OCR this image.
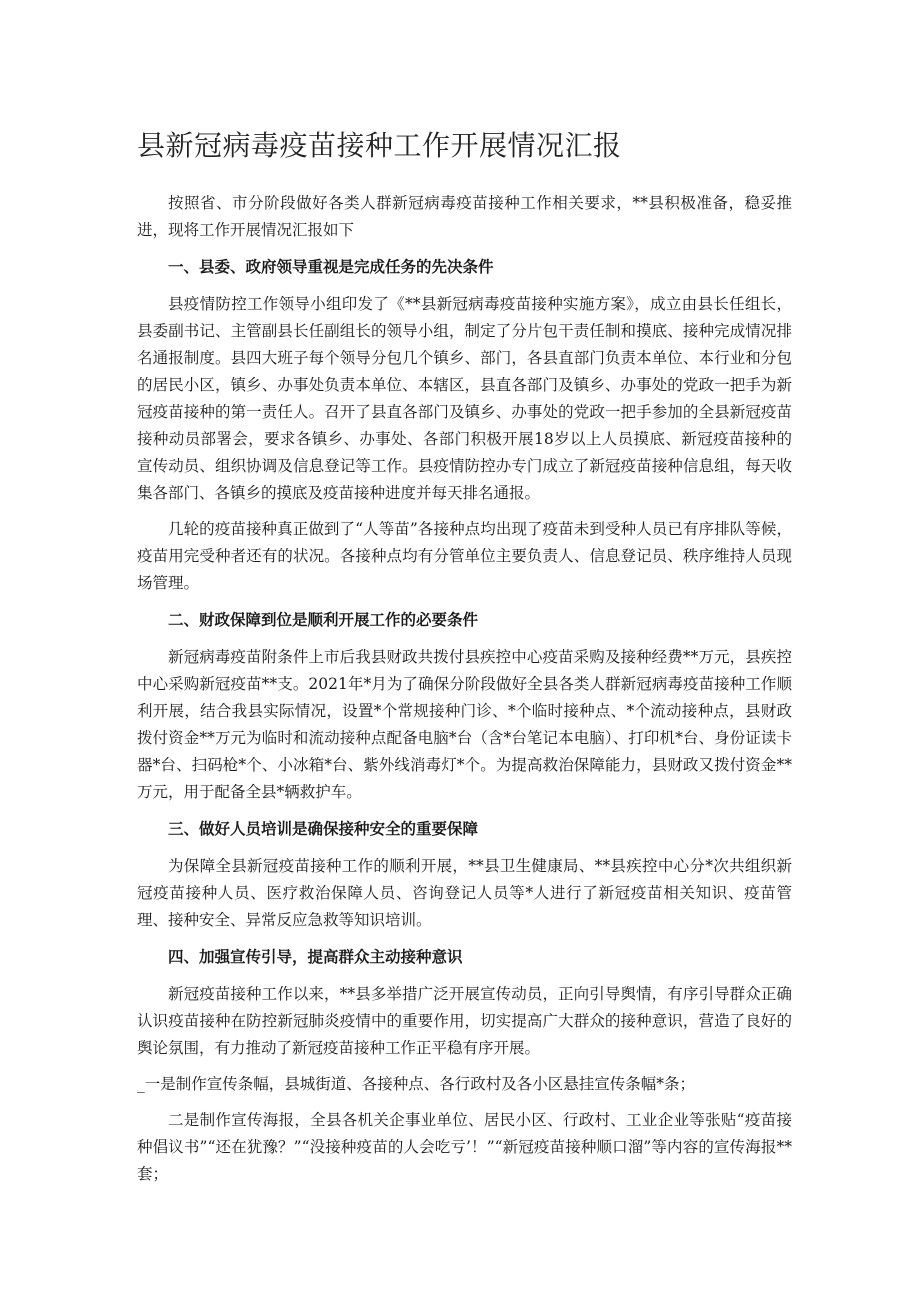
县新冠病毒疫苗接种工作开展情况汇报

按照省、市分阶段做好各类人群新冠病毒疫苗接种工作相关要求，**县积极准备，稳妥推进，现将工作开展情况汇报如下

一、县委、政府领导重视是完成任务的先决条件

县疫情防控工作领导小组印发了《**县新冠病毒疫苗接种实施方案》，成立由县长任组长，县委副书记、主管副县长任副组长的领导小组，制定了分片包干责任制和摸底、接种完成情况排名通报制度。县四大班子每个领导分包几个镇乡、部门，各县直部门负责本单位、本行业和分包的居民小区，镇乡、办事处负责本单位、本辖区，县直各部门及镇乡、办事处的党政一把手为新冠疫苗接种的第一责任人。召开了县直各部门及镇乡、办事处的党政一把手参加的全县新冠疫苗接种动员部署会，要求各镇乡、办事处、各部门积极开展18岁以上人员摸底、新冠疫苗接种的宣传动员、组织协调及信息登记等工作。县疫情防控办专门成立了新冠疫苗接种信息组，每天收集各部门、各镇乡的摸底及疫苗接种进度并每天排名通报。

几轮的疫苗接种真正做到了“人等苗”各接种点均出现了疫苗未到受种人员已有序排队等候，疫苗用完受种者还有的状况。各接种点均有分管单位主要负责人、信息登记员、秩序维持人员现场管理。

二、财政保障到位是顺利开展工作的必要条件

新冠病毒疫苗附条件上市后我县财政共拨付县疾控中心疫苗采购及接种经费**万元，县疾控中心采购新冠疫苗**支。2021年*月为了确保分阶段做好全县各类人群新冠病毒疫苗接种工作顺利开展，结合我县实际情况，设置*个常规接种门诊、*个临时接种点、*个流动接种点，县财政拨付资金**万元为临时和流动接种点配备电脑*台（含*台笔记本电脑）、打印机*台、身份证读卡器*台、扫码枪*个、小冰箱*台、紫外线消毒灯*个。为提高救治保障能力，县财政又拨付资金**万元，用于配备全县*辆救护车。

三、做好人员培训是确保接种安全的重要保障

为保障全县新冠疫苗接种工作的顺利开展，**县卫生健康局、**县疾控中心分*次共组织新冠疫苗接种人员、医疗救治保障人员、咨询登记人员等*人进行了新冠疫苗相关知识、疫苗管理、接种安全、异常反应急救等知识培训。

四、加强宣传引导，提高群众主动接种意识

新冠疫苗接种工作以来，**县多举措广泛开展宣传动员，正向引导舆情，有序引导群众正确认识疫苗接种在防控新冠肺炎疫情中的重要作用，切实提高广大群众的接种意识，营造了良好的舆论氛围，有力推动了新冠疫苗接种工作正平稳有序开展。

_一是制作宣传条幅，县城街道、各接种点、各行政村及各小区悬挂宣传条幅*条；

二是制作宣传海报，全县各机关企事业单位、居民小区、行政村、工业企业等张贴“疫苗接种倡议书”“还在犹豫？”“没接种疫苗的人会吃亏’！”“新冠疫苗接种顺口溜”等内容的宣传海报**套；
